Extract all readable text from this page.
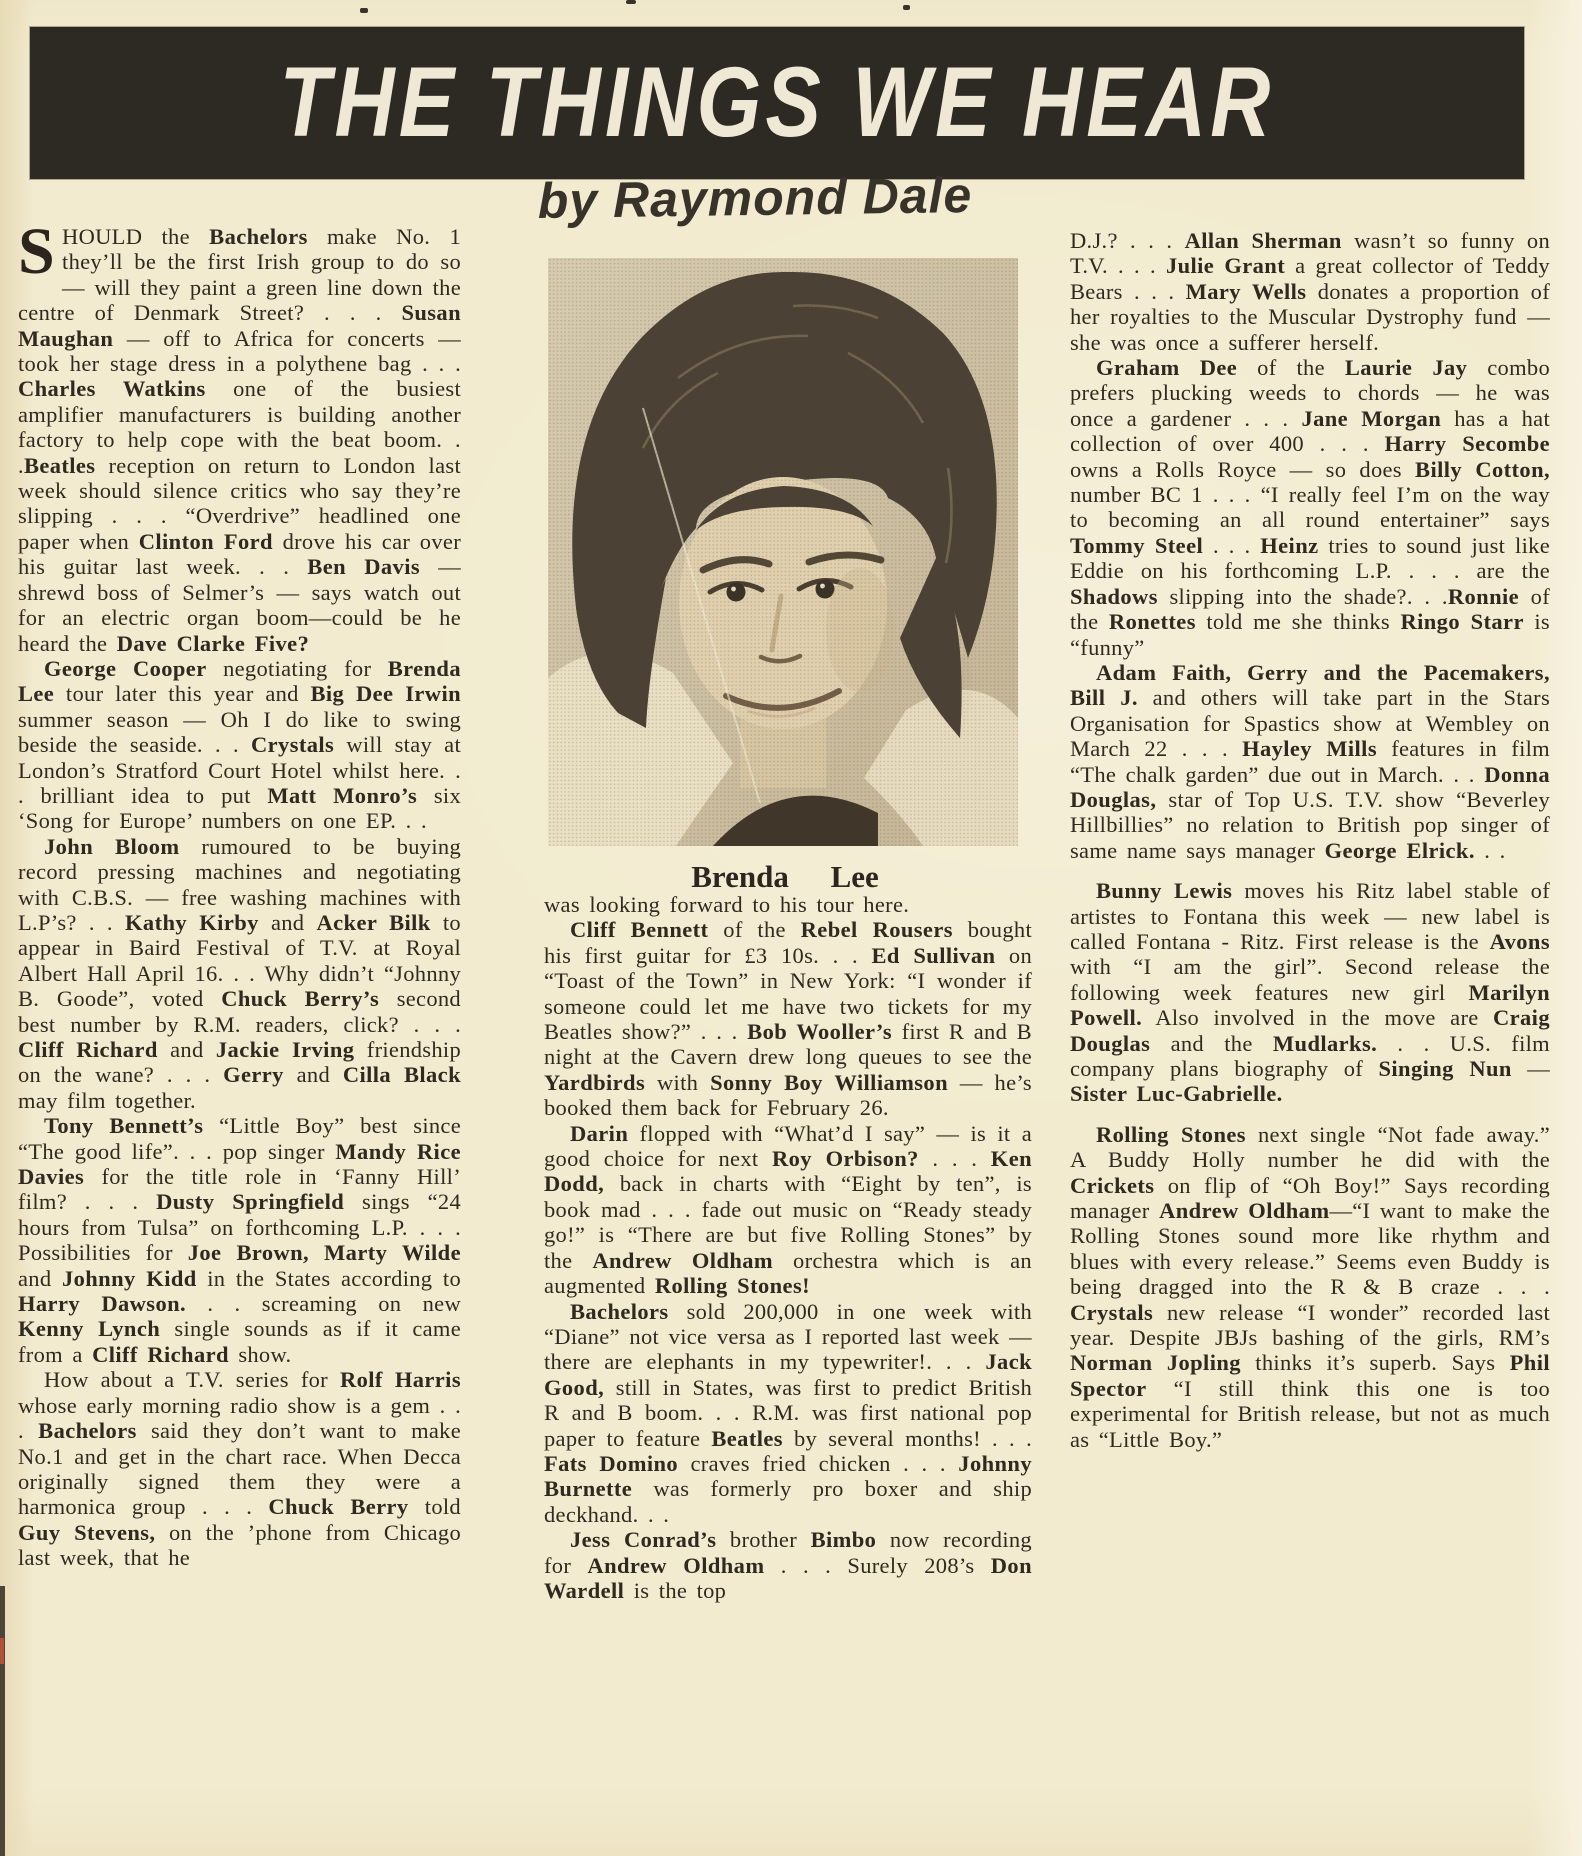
THE THINGS WE HEAR
by Raymond Dale
Brenda Lee

SHOULD the Bachelors make No. 1 they’ll be the first Irish group to do so — will they paint a green line down the centre of Denmark Street? . . . Susan Maughan — off to Africa for concerts — took her stage dress in a polythene bag . . . Charles Watkins one of the busiest amplifier manufacturers is building another factory to help cope with the beat boom. . .Beatles reception on return to London last week should silence critics who say they’re slipping . . . “Overdrive” headlined one paper when Clinton Ford drove his car over his guitar last week. . . Ben Davis — shrewd boss of Selmer’s — says watch out for an electric organ boom—could be he heard the Dave Clarke Five?

George Cooper negotiating for Brenda Lee tour later this year and Big Dee Irwin summer season — Oh I do like to swing beside the seaside. . . Crystals will stay at London’s Stratford Court Hotel whilst here. . . brilliant idea to put Matt Monro’s six ‘Song for Europe’ numbers on one EP. . .

John Bloom rumoured to be buying record pressing machines and negotiating with C.B.S. — free washing machines with L.P’s? . . Kathy Kirby and Acker Bilk to appear in Baird Festival of T.V. at Royal Albert Hall April 16. . . Why didn’t “Johnny B. Goode”, voted Chuck Berry’s second best number by R.M. readers, click? . . . Cliff Richard and Jackie Irving friendship on the wane? . . . Gerry and Cilla Black may film together.

Tony Bennett’s “Little Boy” best since “The good life”. . . pop singer Mandy Rice Davies for the title role in ‘Fanny Hill’ film? . . . Dusty Springfield sings “24 hours from Tulsa” on forthcoming L.P. . . . Possibilities for Joe Brown, Marty Wilde and Johnny Kidd in the States according to Harry Dawson. . . screaming on new Kenny Lynch single sounds as if it came from a Cliff Richard show.

How about a T.V. series for Rolf Harris whose early morning radio show is a gem . . . Bachelors said they don’t want to make No.1 and get in the chart race. When Decca originally signed them they were a harmonica group . . . Chuck Berry told Guy Stevens, on the ’phone from Chicago last week, that he

was looking forward to his tour here.

Cliff Bennett of the Rebel Rousers bought his first guitar for £3 10s. . . Ed Sullivan on “Toast of the Town” in New York: “I wonder if someone could let me have two tickets for my Beatles show?” . . . Bob Wooller’s first R and B night at the Cavern drew long queues to see the Yardbirds with Sonny Boy Williamson — he’s booked them back for February 26.

Darin flopped with “What’d I say” — is it a good choice for next Roy Orbison? . . . Ken Dodd, back in charts with “Eight by ten”, is book mad . . . fade out music on “Ready steady go!” is “There are but five Rolling Stones” by the Andrew Oldham orchestra which is an augmented Rolling Stones!

Bachelors sold 200,000 in one week with “Diane” not vice versa as I reported last week — there are elephants in my typewriter!. . . Jack Good, still in States, was first to predict British R and B boom. . . R.M. was first national pop paper to feature Beatles by several months! . . . Fats Domino craves fried chicken . . . Johnny Burnette was formerly pro boxer and ship deckhand. . .

Jess Conrad’s brother Bimbo now recording for Andrew Oldham . . . Surely 208’s Don Wardell is the top

D.J.? . . . Allan Sherman wasn’t so funny on T.V. . . . Julie Grant a great collector of Teddy Bears . . . Mary Wells donates a proportion of her royalties to the Muscular Dystrophy fund — she was once a sufferer herself.

Graham Dee of the Laurie Jay combo prefers plucking weeds to chords — he was once a gardener . . . Jane Morgan has a hat collection of over 400 . . . Harry Secombe owns a Rolls Royce — so does Billy Cotton, number BC 1 . . . “I really feel I’m on the way to becoming an all round entertainer” says Tommy Steel . . . Heinz tries to sound just like Eddie on his forthcoming L.P. . . . are the Shadows slipping into the shade?. . .Ronnie of the Ronettes told me she thinks Ringo Starr is “funny”

Adam Faith, Gerry and the Pacemakers, Bill J. and others will take part in the Stars Organisation for Spastics show at Wembley on March 22 . . . Hayley Mills features in film “The chalk garden” due out in March. . . Donna Douglas, star of Top U.S. T.V. show “Beverley Hillbillies” no relation to British pop singer of same name says manager George Elrick. . .

Bunny Lewis moves his Ritz label stable of artistes to Fontana this week — new label is called Fontana - Ritz. First release is the Avons with “I am the girl”. Second release the following week features new girl Marilyn Powell. Also involved in the move are Craig Douglas and the Mudlarks. . . U.S. film company plans biography of Singing Nun — Sister Luc-Gabrielle.

Rolling Stones next single “Not fade away.” A Buddy Holly number he did with the Crickets on flip of “Oh Boy!” Says recording manager Andrew Oldham—“I want to make the Rolling Stones sound more like rhythm and blues with every release.” Seems even Buddy is being dragged into the R & B craze . . . Crystals new release “I wonder” recorded last year. Despite JBJs bashing of the girls, RM’s Norman Jopling thinks it’s superb. Says Phil Spector “I still think this one is too experimental for British release, but not as much as “Little Boy.”
